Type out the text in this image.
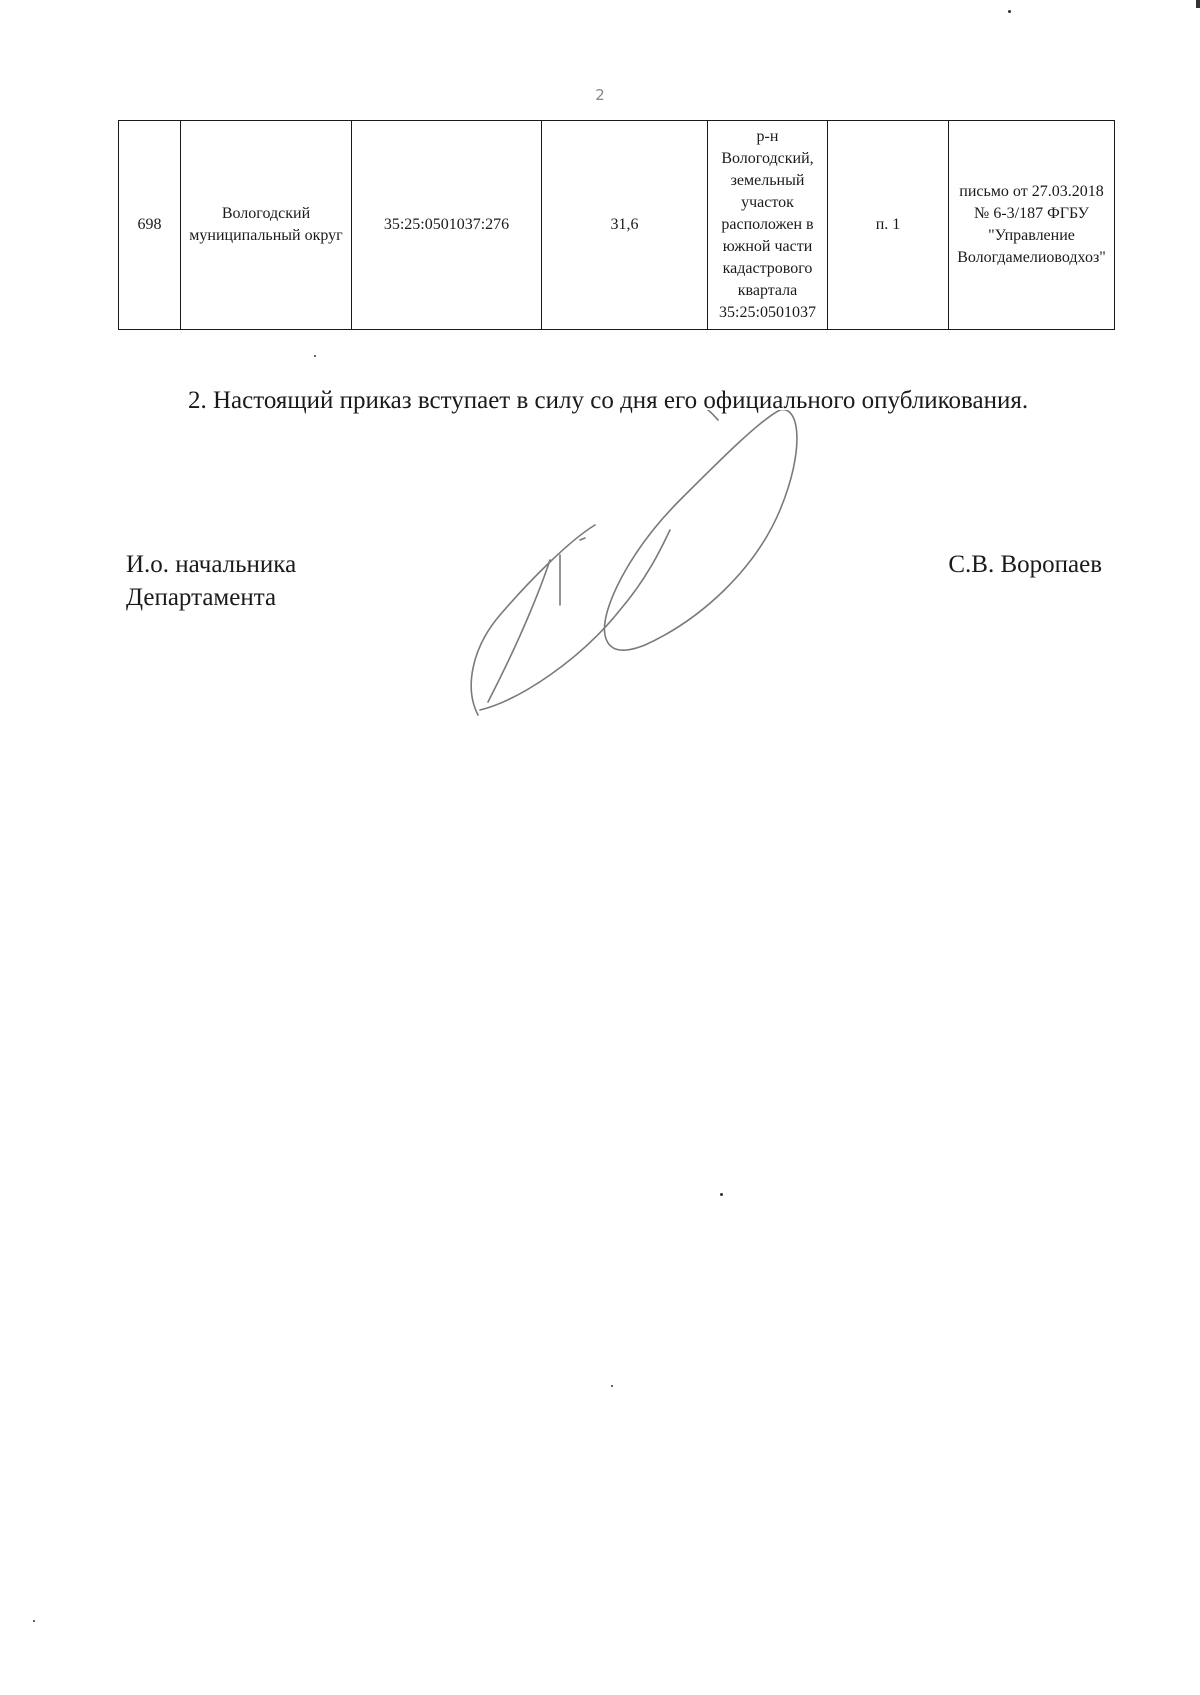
2
698	Вологодский муниципальный округ	35:25:0501037:276	31,6	р-н Вологодский, земельный участок расположен в южной части кадастрового квартала 35:25:0501037	п. 1	письмо от 27.03.2018 № 6-3/187 ФГБУ "Управление Вологдамелиоводхоз"
2. Настоящий приказ вступает в силу со дня его официального опубликования.
И.о. начальника
Департамента
С.В. Воропаев
